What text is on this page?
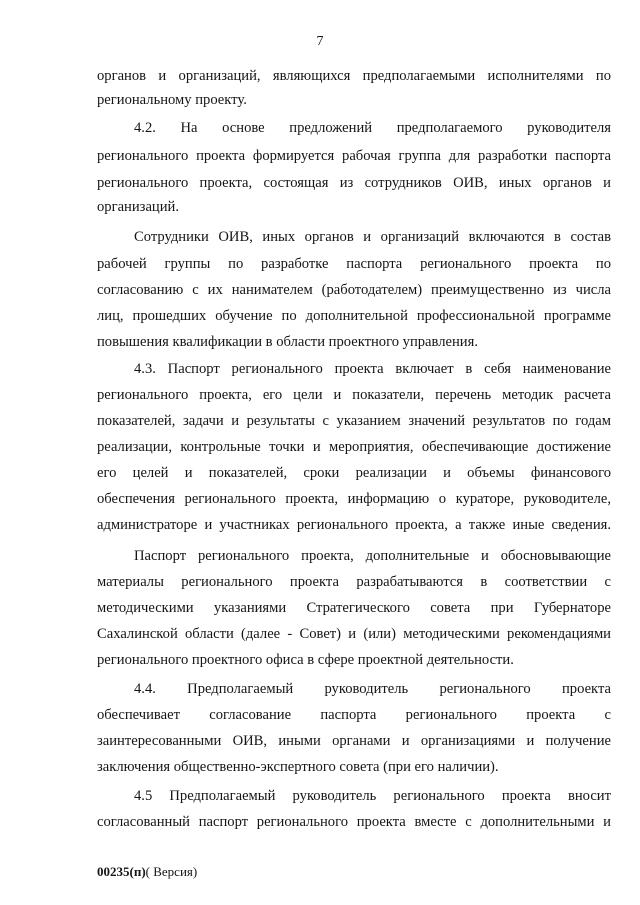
7
органов и организаций, являющихся предполагаемыми исполнителями по
региональному проекту.
4.2. На основе предложений предполагаемого руководителя
регионального проекта формируется рабочая группа для разработки паспорта
регионального проекта, состоящая из сотрудников ОИВ, иных органов и
организаций.
Сотрудники ОИВ, иных органов и организаций включаются в состав
рабочей группы по разработке паспорта регионального проекта по
согласованию с их нанимателем (работодателем) преимущественно из числа
лиц, прошедших обучение по дополнительной профессиональной программе
повышения квалификации в области проектного управления.
4.3. Паспорт регионального проекта включает в себя наименование
регионального проекта, его цели и показатели, перечень методик расчета
показателей, задачи и результаты с указанием значений результатов по годам
реализации, контрольные точки и мероприятия, обеспечивающие достижение
его целей и показателей, сроки реализации и объемы финансового
обеспечения регионального проекта, информацию о кураторе, руководителе,
администраторе и участниках регионального проекта, а также иные сведения.
Паспорт регионального проекта, дополнительные и обосновывающие
материалы регионального проекта разрабатываются в соответствии с
методическими указаниями Стратегического совета при Губернаторе
Сахалинской области (далее - Совет) и (или) методическими рекомендациями
регионального проектного офиса в сфере проектной деятельности.
4.4. Предполагаемый руководитель регионального проекта
обеспечивает согласование паспорта регионального проекта с
заинтересованными ОИВ, иными органами и организациями и получение
заключения общественно-экспертного совета (при его наличии).
4.5 Предполагаемый руководитель регионального проекта вносит
согласованный паспорт регионального проекта вместе с дополнительными и
00235(п)( Версия)
